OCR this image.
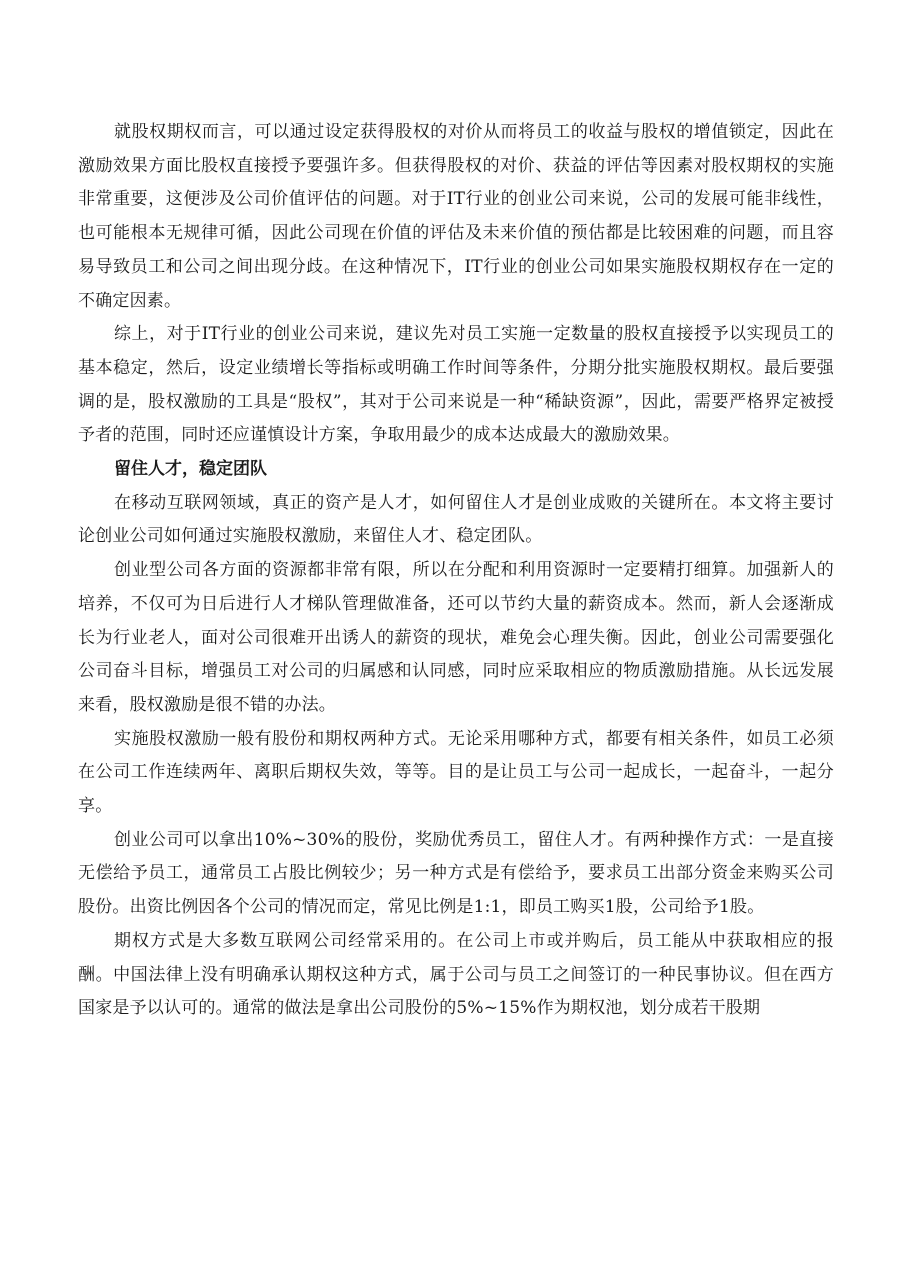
就股权期权而言，可以通过设定获得股权的对价从而将员工的收益与股权的增值锁定，因此在激励效果方面比股权直接授予要强许多。但获得股权的对价、获益的评估等因素对股权期权的实施非常重要，这便涉及公司价值评估的问题。对于IT行业的创业公司来说，公司的发展可能非线性，也可能根本无规律可循，因此公司现在价值的评估及未来价值的预估都是比较困难的问题，而且容易导致员工和公司之间出现分歧。在这种情况下，IT行业的创业公司如果实施股权期权存在一定的不确定因素。

综上，对于IT行业的创业公司来说，建议先对员工实施一定数量的股权直接授予以实现员工的基本稳定，然后，设定业绩增长等指标或明确工作时间等条件，分期分批实施股权期权。最后要强调的是，股权激励的工具是“股权”，其对于公司来说是一种“稀缺资源”，因此，需要严格界定被授予者的范围，同时还应谨慎设计方案，争取用最少的成本达成最大的激励效果。

留住人才，稳定团队

在移动互联网领域，真正的资产是人才，如何留住人才是创业成败的关键所在。本文将主要讨论创业公司如何通过实施股权激励，来留住人才、稳定团队。

创业型公司各方面的资源都非常有限，所以在分配和利用资源时一定要精打细算。加强新人的培养，不仅可为日后进行人才梯队管理做准备，还可以节约大量的薪资成本。然而，新人会逐渐成长为行业老人，面对公司很难开出诱人的薪资的现状，难免会心理失衡。因此，创业公司需要强化公司奋斗目标，增强员工对公司的归属感和认同感，同时应采取相应的物质激励措施。从长远发展来看，股权激励是很不错的办法。

实施股权激励一般有股份和期权两种方式。无论采用哪种方式，都要有相关条件，如员工必须在公司工作连续两年、离职后期权失效，等等。目的是让员工与公司一起成长，一起奋斗，一起分享。

创业公司可以拿出10%~30%的股份，奖励优秀员工，留住人才。有两种操作方式：一是直接无偿给予员工，通常员工占股比例较少；另一种方式是有偿给予，要求员工出部分资金来购买公司股份。出资比例因各个公司的情况而定，常见比例是1:1，即员工购买1股，公司给予1股。

期权方式是大多数互联网公司经常采用的。在公司上市或并购后，员工能从中获取相应的报酬。中国法律上没有明确承认期权这种方式，属于公司与员工之间签订的一种民事协议。但在西方国家是予以认可的。通常的做法是拿出公司股份的5%~15%作为期权池，划分成若干股期
